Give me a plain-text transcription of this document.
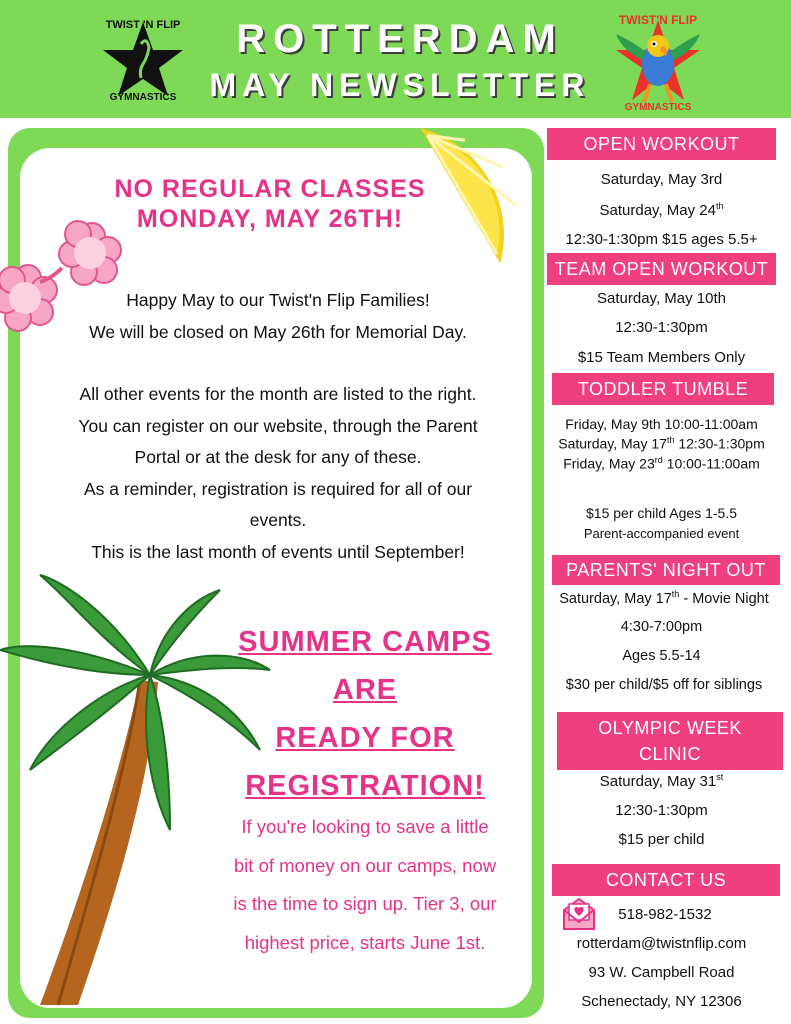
TWIST 'N FLIP
GYMNASTICS
ROTTERDAM
MAY NEWSLETTER
TWIST'N FLIP
GYMNASTICS
NO REGULAR CLASSES
MONDAY, MAY 26TH!

Happy May to our Twist'n Flip Families!

We will be closed on May 26th for Memorial Day.

All other events for the month are listed to the right.

You can register on our website, through the Parent

Portal or at the desk for any of these.

As a reminder, registration is required for all of our

events.

This is the last month of events until September!

SUMMER CAMPS
ARE
READY FOR
REGISTRATION!
If you're looking to save a little
bit of money on our camps, now
is the time to sign up. Tier 3, our
highest price, starts June 1st.
OPEN WORKOUT
Saturday, May 3rd
Saturday, May 24th
12:30-1:30pm $15 ages 5.5+
TEAM OPEN WORKOUT
Saturday, May 10th
12:30-1:30pm
$15 Team Members Only
TODDLER TUMBLE
Friday, May 9th 10:00-11:00am
Saturday, May 17th 12:30-1:30pm
Friday, May 23rd 10:00-11:00am
$15 per child Ages 1-5.5
Parent-accompanied event
PARENTS' NIGHT OUT
Saturday, May 17th - Movie Night
4:30-7:00pm
Ages 5.5-14
$30 per child/$5 off for siblings
OLYMPIC WEEK
CLINIC
Saturday, May 31st
12:30-1:30pm
$15 per child
CONTACT US
518-982-1532
rotterdam@twistnflip.com
93 W. Campbell Road
Schenectady, NY 12306
